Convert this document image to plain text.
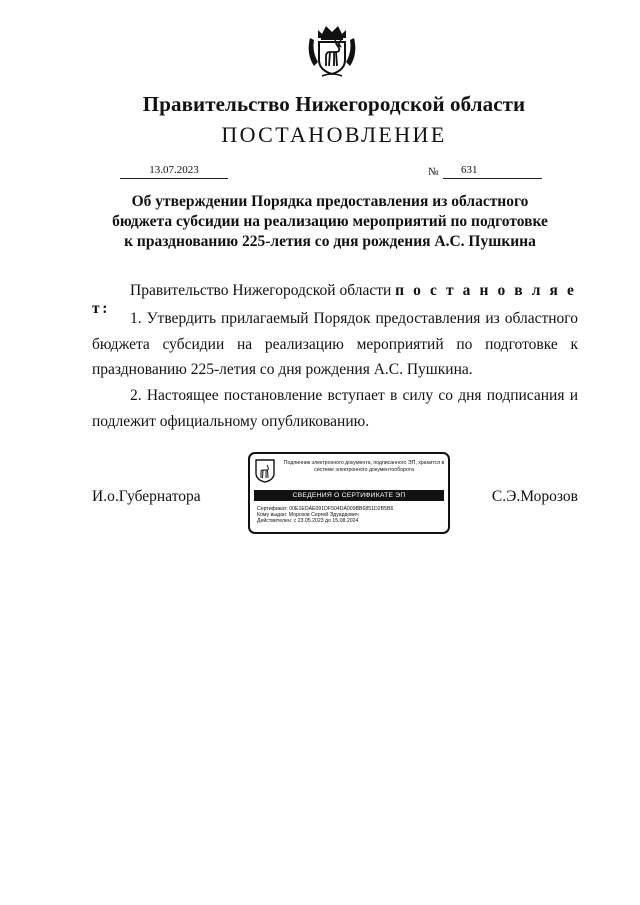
Правительство Нижегородской области
ПОСТАНОВЛЕНИЕ
13.07.2023	№	631
Об утверждении Порядка предоставления из областного
бюджета субсидии на реализацию мероприятий по подготовке
к празднованию 225-летия со дня рождения А.С. Пушкина
Правительство Нижегородской области п о с т а н о в л я е т:
1. Утвердить прилагаемый Порядок предоставления из областного бюджета субсидии на реализацию мероприятий по подготовке к празднованию 225-летия со дня рождения А.С. Пушкина.
2. Настоящее постановление вступает в силу со дня подписания и подлежит официальному опубликованию.
И.о.Губернатора	С.Э.Морозов
Подлинник электронного документа, подписанного ЭП, хранится в системе электронного документооборота
СВЕДЕНИЯ О СЕРТИФИКАТЕ ЭП
Сертификат: 00E1EDAE091DF504DA009BB6851D2B5B6
Кому выдан: Морозов Сергей Эдуардович
Действителен: с 23.05.2023 до 15.08.2024
